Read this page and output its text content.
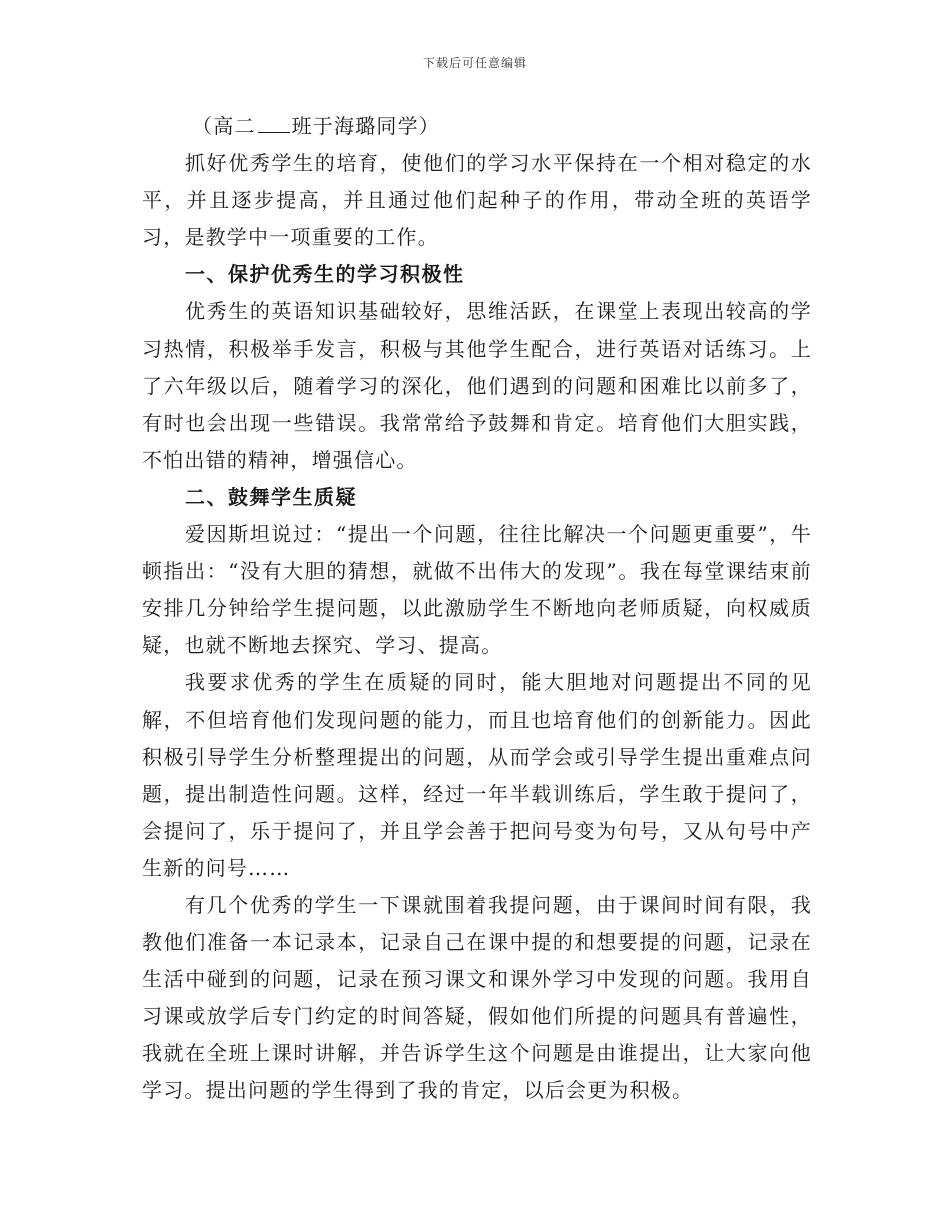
下载后可任意编辑

（高二 班于海璐同学）

抓好优秀学生的培育，使他们的学习水平保持在一个相对稳定的水平，并且逐步提高，并且通过他们起种子的作用，带动全班的英语学习，是教学中一项重要的工作。

一、保护优秀生的学习积极性

优秀生的英语知识基础较好，思维活跃，在课堂上表现出较高的学习热情，积极举手发言，积极与其他学生配合，进行英语对话练习。上了六年级以后，随着学习的深化，他们遇到的问题和困难比以前多了，有时也会出现一些错误。我常常给予鼓舞和肯定。培育他们大胆实践，不怕出错的精神，增强信心。

二、鼓舞学生质疑

爱因斯坦说过：“提出一个问题，往往比解决一个问题更重要”，牛顿指出：“没有大胆的猜想，就做不出伟大的发现”。我在每堂课结束前安排几分钟给学生提问题，以此激励学生不断地向老师质疑，向权威质疑，也就不断地去探究、学习、提高。

我要求优秀的学生在质疑的同时，能大胆地对问题提出不同的见解，不但培育他们发现问题的能力，而且也培育他们的创新能力。因此积极引导学生分析整理提出的问题，从而学会或引导学生提出重难点问题，提出制造性问题。这样，经过一年半载训练后，学生敢于提问了，会提问了，乐于提问了，并且学会善于把问号变为句号，又从句号中产生新的问号……

有几个优秀的学生一下课就围着我提问题，由于课间时间有限，我教他们准备一本记录本，记录自己在课中提的和想要提的问题，记录在生活中碰到的问题，记录在预习课文和课外学习中发现的问题。我用自习课或放学后专门约定的时间答疑，假如他们所提的问题具有普遍性，我就在全班上课时讲解，并告诉学生这个问题是由谁提出，让大家向他学习。提出问题的学生得到了我的肯定，以后会更为积极。
